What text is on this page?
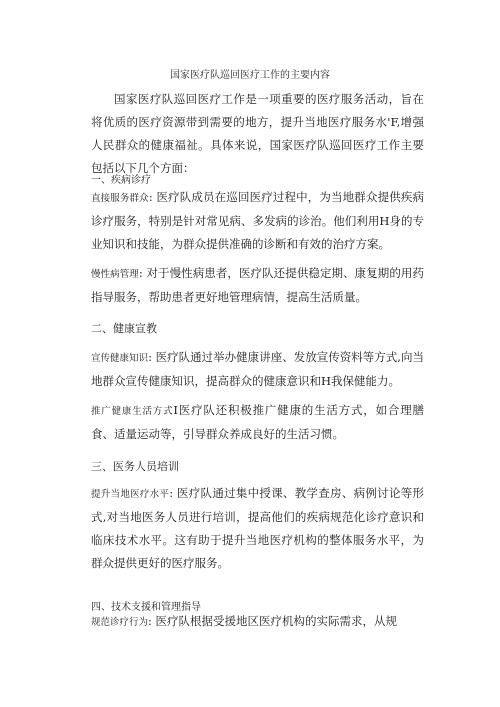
国家医疗队巡回医疗工作的主要内容

国家医疗队巡回医疗工作是一项重要的医疗服务活动，旨在将优质的医疗资源带到需要的地方，提升当地医疗服务水'F,增强人民群众的健康福祉。具体来说，国家医疗队巡回医疗工作主要包括以下几个方面：

一、疾病诊疗

直接服务群众: 医疗队成员在巡回医疗过程中，为当地群众提供疾病诊疗服务，特别是针对常见病、多发病的诊治。他们利用H身的专业知识和技能，为群众提供准确的诊断和有效的治疗方案。

慢性病管理: 对于慢性病患者，医疗队还提供稳定期、康复期的用药指导服务，帮助患者更好地管理病情，提高生活质量。

二、健康宣教

宣传健康知识: 医疗队通过举办健康讲座、发放宣传资料等方式,向当地群众宣传健康知识，提高群众的健康意识和H我保健能力。

推广健康生活方式I医疗队还积极推广健康的生活方式，如合理膳食、适量运动等，引导群众养成良好的生活习惯。

三、医务人员培训

提升当地医疗水平: 医疗队通过集中授课、教学查房、病例讨论等形式,对当地医务人员进行培训，提高他们的疾病规范化诊疗意识和临床技术水平。这有助于提升当地医疗机构的整体服务水平，为群众提供更好的医疗服务。

四、技术支援和管理指导

规范诊疗行为: 医疗队根据受援地区医疗机构的实际需求，从规
